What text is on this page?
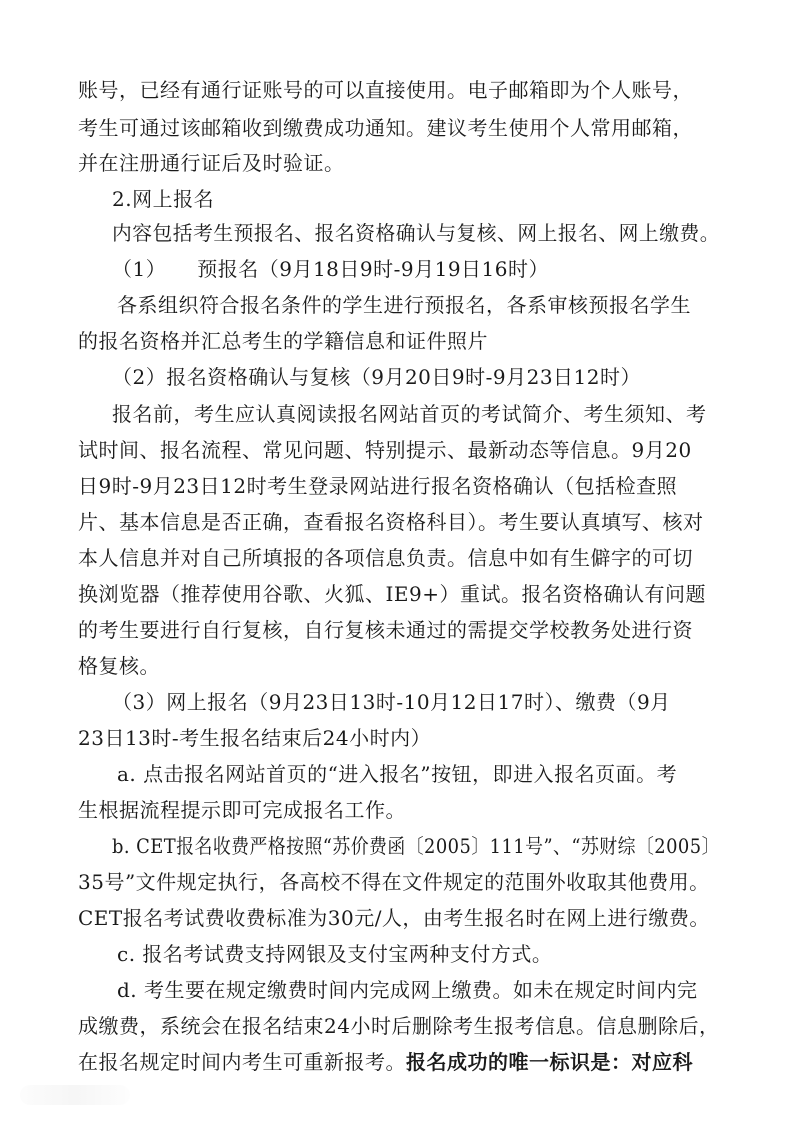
账号，已经有通行证账号的可以直接使用。电子邮箱即为个人账号，
考生可通过该邮箱收到缴费成功通知。建议考生使用个人常用邮箱，
并在注册通行证后及时验证。
2.网上报名
内容包括考生预报名、报名资格确认与复核、网上报名、网上缴费。
（1）　　预报名（9月18日9时-9月19日16时）
各系组织符合报名条件的学生进行预报名，各系审核预报名学生
的报名资格并汇总考生的学籍信息和证件照片
（2）报名资格确认与复核（9月20日9时-9月23日12时）
报名前，考生应认真阅读报名网站首页的考试简介、考生须知、考
试时间、报名流程、常见问题、特别提示、最新动态等信息。9月20
日9时-9月23日12时考生登录网站进行报名资格确认（包括检查照
片、基本信息是否正确，查看报名资格科目）。考生要认真填写、核对
本人信息并对自己所填报的各项信息负责。信息中如有生僻字的可切
换浏览器（推荐使用谷歌、火狐、IE9+）重试。报名资格确认有问题
的考生要进行自行复核，自行复核未通过的需提交学校教务处进行资
格复核。
（3）网上报名（9月23日13时-10月12日17时）、缴费（9月
23日13时-考生报名结束后24小时内）
a. 点击报名网站首页的“进入报名”按钮，即进入报名页面。考
生根据流程提示即可完成报名工作。
b. CET报名收费严格按照“苏价费函〔2005〕111号”、“苏财综〔2005〕
35号”文件规定执行，各高校不得在文件规定的范围外收取其他费用。
CET报名考试费收费标准为30元/人，由考生报名时在网上进行缴费。
c. 报名考试费支持网银及支付宝两种支付方式。
d. 考生要在规定缴费时间内完成网上缴费。如未在规定时间内完
成缴费，系统会在报名结束24小时后删除考生报考信息。信息删除后，
在报名规定时间内考生可重新报考。报名成功的唯一标识是：对应科
